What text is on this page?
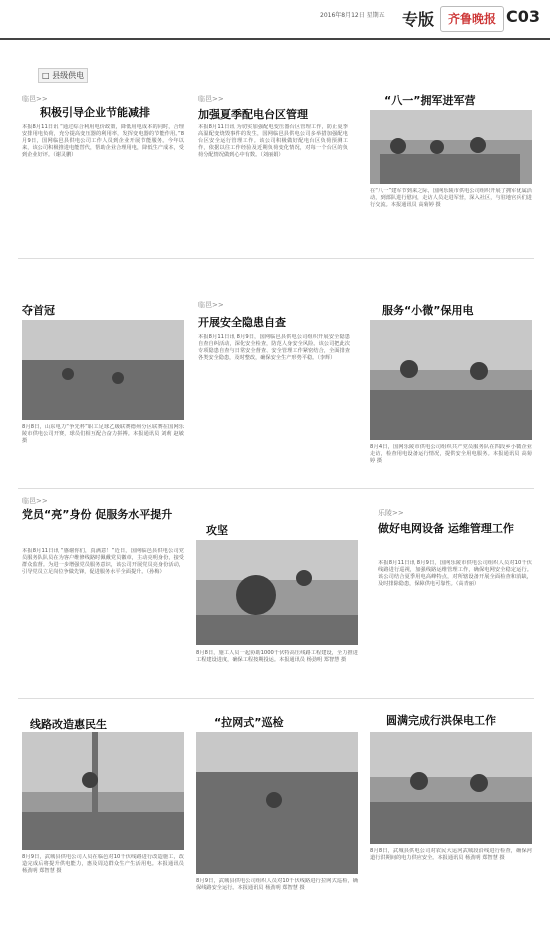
2016年8月12日 星期五 专版	齐鲁晚报 C03
□ 县级供电
临邑>>
积极引导企业节能减排
本报8月11日讯 “通过综合利用电价政策，降低用电成本的同时，合理安排用电负荷，充分提高变压器的利用率，发挥变电器的节能作用。”8月9日，国网临邑县供电公司工作人员到企业开展节能服务。今年以来，该公司积极推进电能替代，帮助企业合理用电，降低生产成本，受到企业好评。（谢灵鹏）
临邑>>
加强夏季配电台区管理
本报8月11日讯 为切实加强配电变压器台区管理工作，防止夏季高温配变烧毁事件的发生，国网临邑县供电公司多举措加强配电台区安全运行管理工作。该公司积极做好配电台区负荷预测工作，依据以往工作经验及近期负荷变化情况，对每一个台区的负荷分配情况做到心中有数。（刘丽娟）
“八一”拥军进军营
在“八一”建军节到来之际，国网乐陵市供电公司组织开展了拥军优属活动，到部队进行慰问，走访人员走进军营，深入社区，与驻地官兵们进行交流。本报通讯员 高菊婷 摄
夺首冠
8月8日，山东电力“争先杯”职工足球乙级联赛德州分区联赛在国网乐陵市供电公司开赛，球员们相互配合奋力拼搏。本报通讯员 刘莉 赵敏 摄
临邑>>
开展安全隐患自查
本报8月11日讯 8月9日，国网临邑县供电公司组织开展安全隐患自查自纠活动，深化安全检查，防范人身安全风险。该公司把此次专项隐患自查与日常安全督查、安全管理工作紧密结合，全面排查各类安全隐患，及时整改，确保安全生产形势平稳。（李辉）
服务“小微”保用电
8月4日，国网乐陵市供电公司组织共产党员服务队在四段乡小微企业走访，检查用电设备运行情况，提供安全用电服务。本报通讯员 高菊婷 摄
临邑>>
党员“亮”身份 促服务水平提升
本报8月11日讯 “感谢你们，真满意！”近日，国网临邑县供电公司党员服务队队员在为客户维修线路时佩戴党员徽章，主动亮明身份，接受群众监督。为进一步增强党员服务意识，该公司开展党员亮身份活动，引导党员立足岗位争做先锋，促进服务水平全面提升。（孙梅）
攻坚
8月8日，施工人员一起协助1000千伏特高压线路工程建设，全力推进工程建设进度，确保工程按期投运。本报通讯员 杨劲明 郑智慧 摄
乐陵>>
做好电网设备 运维管理工作
本报8月11日讯 8月9日，国网乐陵市供电公司组织人员对10千伏线路进行巡视，加强线路运维管理工作，确保电网安全稳定运行。该公司结合夏季用电高峰特点，对所辖设备开展全面检查和消缺，及时排除隐患，保障供电可靠性。（高青丽）
线路改造惠民生
8月9日，武城县供电公司人员在临邑对10千伏线路进行改造施工，改造完成后将提升供电能力，惠及周边群众生产生活用电。本报通讯员 杨劲明 郑智慧 摄
“拉网式”巡检
8月9日，武城县供电公司组织人员对10千伏线路进行拉网式巡检，确保线路安全运行。本报通讯员 杨劲明 郑智慧 摄
圆满完成行洪保电工作
8月8日，武城县供电公司对农民大运河武城段沿线进行检查，确保河道行洪期间的电力供应安全。本报通讯员 杨劲明 郑智慧 摄
